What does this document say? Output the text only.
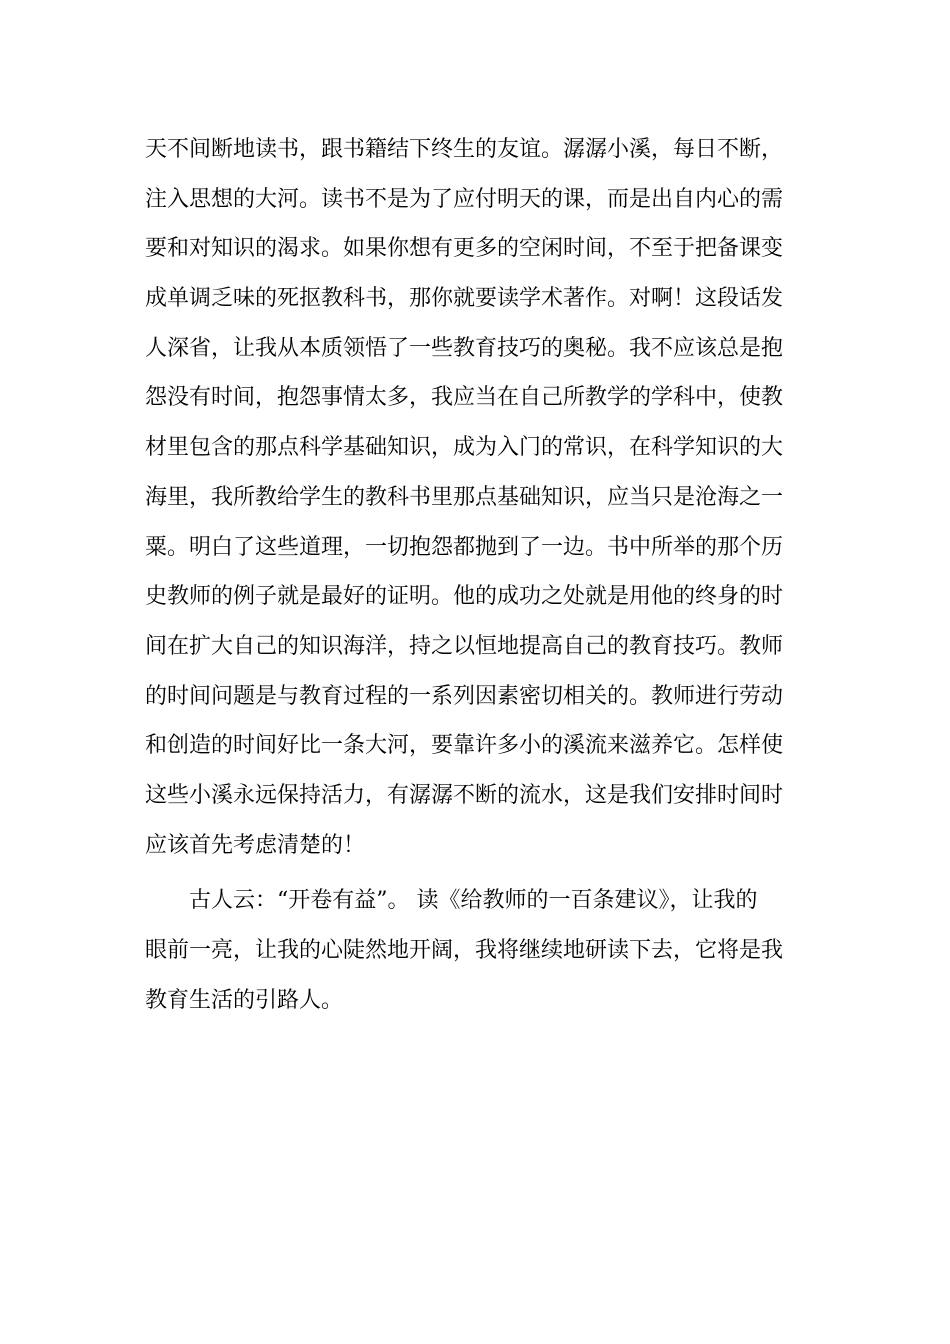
天不间断地读书，跟书籍结下终生的友谊。潺潺小溪，每日不断，
注入思想的大河。读书不是为了应付明天的课，而是出自内心的需
要和对知识的渴求。如果你想有更多的空闲时间，不至于把备课变
成单调乏味的死抠教科书，那你就要读学术著作。对啊！这段话发
人深省，让我从本质领悟了一些教育技巧的奥秘。我不应该总是抱
怨没有时间，抱怨事情太多，我应当在自己所教学的学科中，使教
材里包含的那点科学基础知识，成为入门的常识，在科学知识的大
海里，我所教给学生的教科书里那点基础知识，应当只是沧海之一
粟。明白了这些道理，一切抱怨都抛到了一边。书中所举的那个历
史教师的例子就是最好的证明。他的成功之处就是用他的终身的时
间在扩大自己的知识海洋，持之以恒地提高自己的教育技巧。教师
的时间问题是与教育过程的一系列因素密切相关的。教师进行劳动
和创造的时间好比一条大河，要靠许多小的溪流来滋养它。怎样使
这些小溪永远保持活力，有潺潺不断的流水，这是我们安排时间时
应该首先考虑清楚的！
古人云：“开卷有益”。 读《给教师的一百条建议》，让我的
眼前一亮，让我的心陡然地开阔，我将继续地研读下去，它将是我
教育生活的引路人。
